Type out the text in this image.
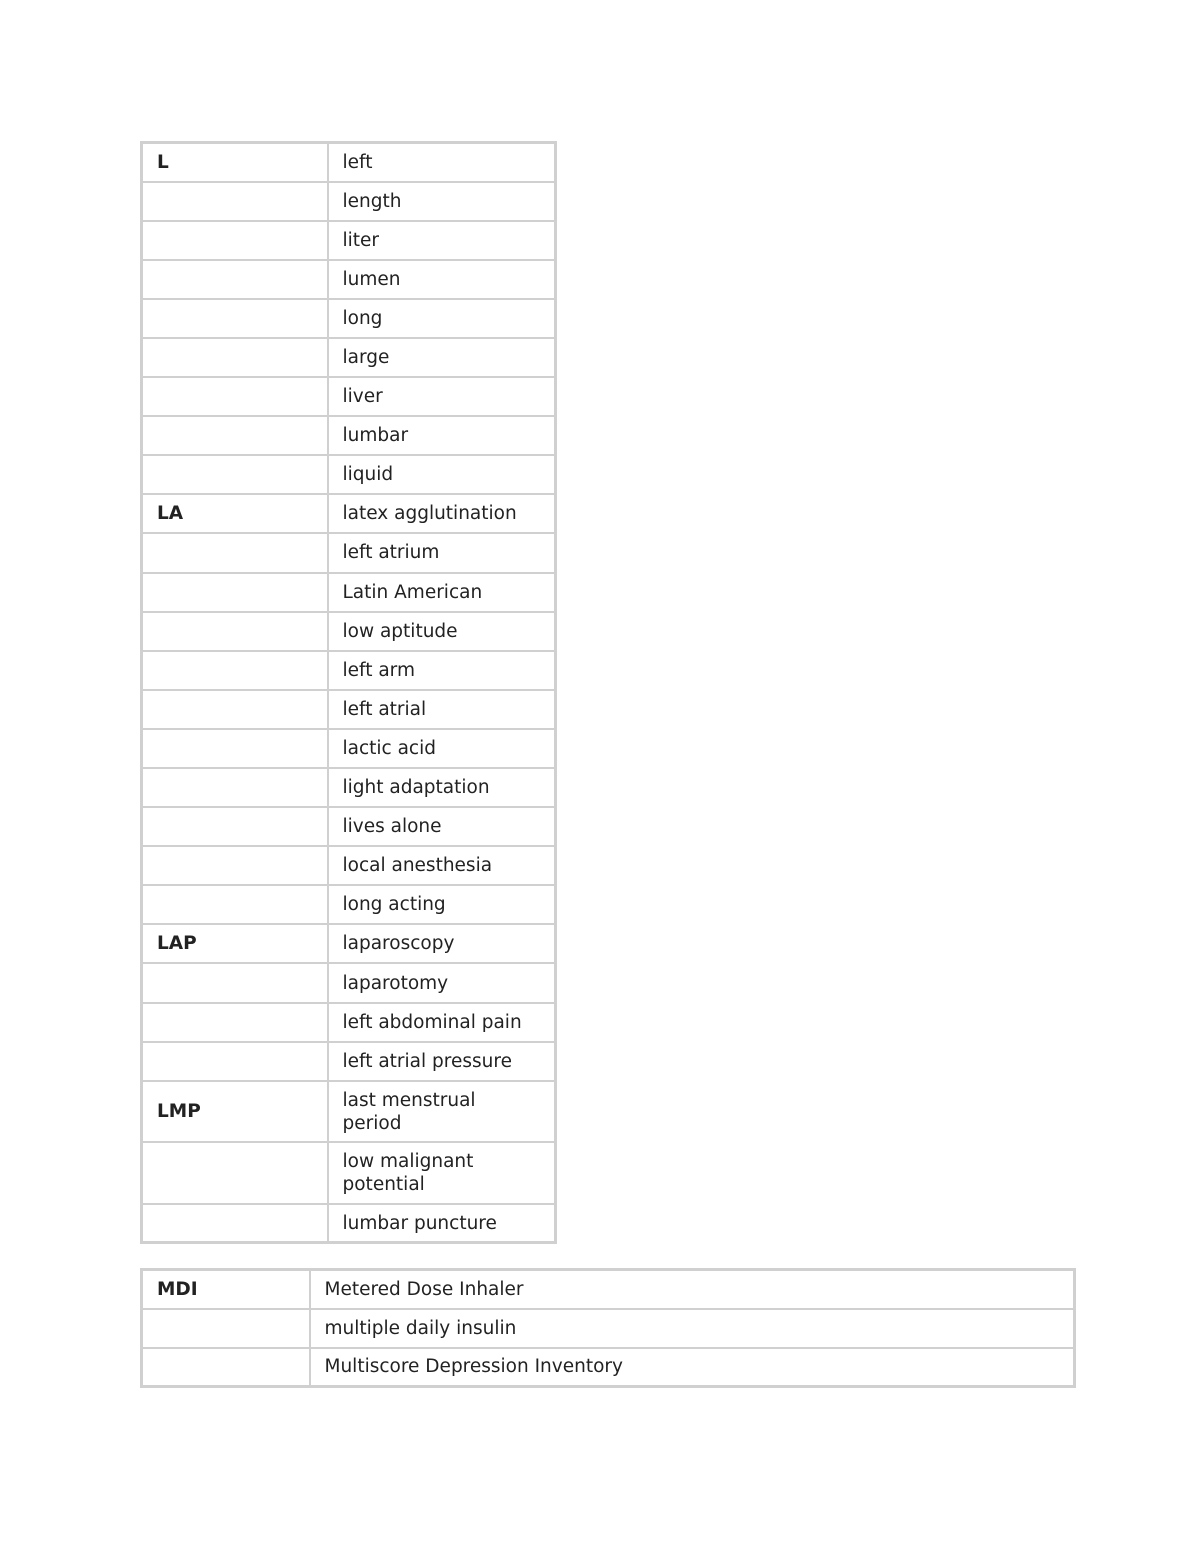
L	left
	length
	liter
	lumen
	long
	large
	liver
	lumbar
	liquid
LA	latex agglutination
	left atrium
	Latin American
	low aptitude
	left arm
	left atrial
	lactic acid
	light adaptation
	lives alone
	local anesthesia
	long acting
LAP	laparoscopy
	laparotomy
	left abdominal pain
	left atrial pressure
LMP	last menstrual period
	low malignant potential
	lumbar puncture
MDI	Metered Dose Inhaler
	multiple daily insulin
	Multiscore Depression Inventory
